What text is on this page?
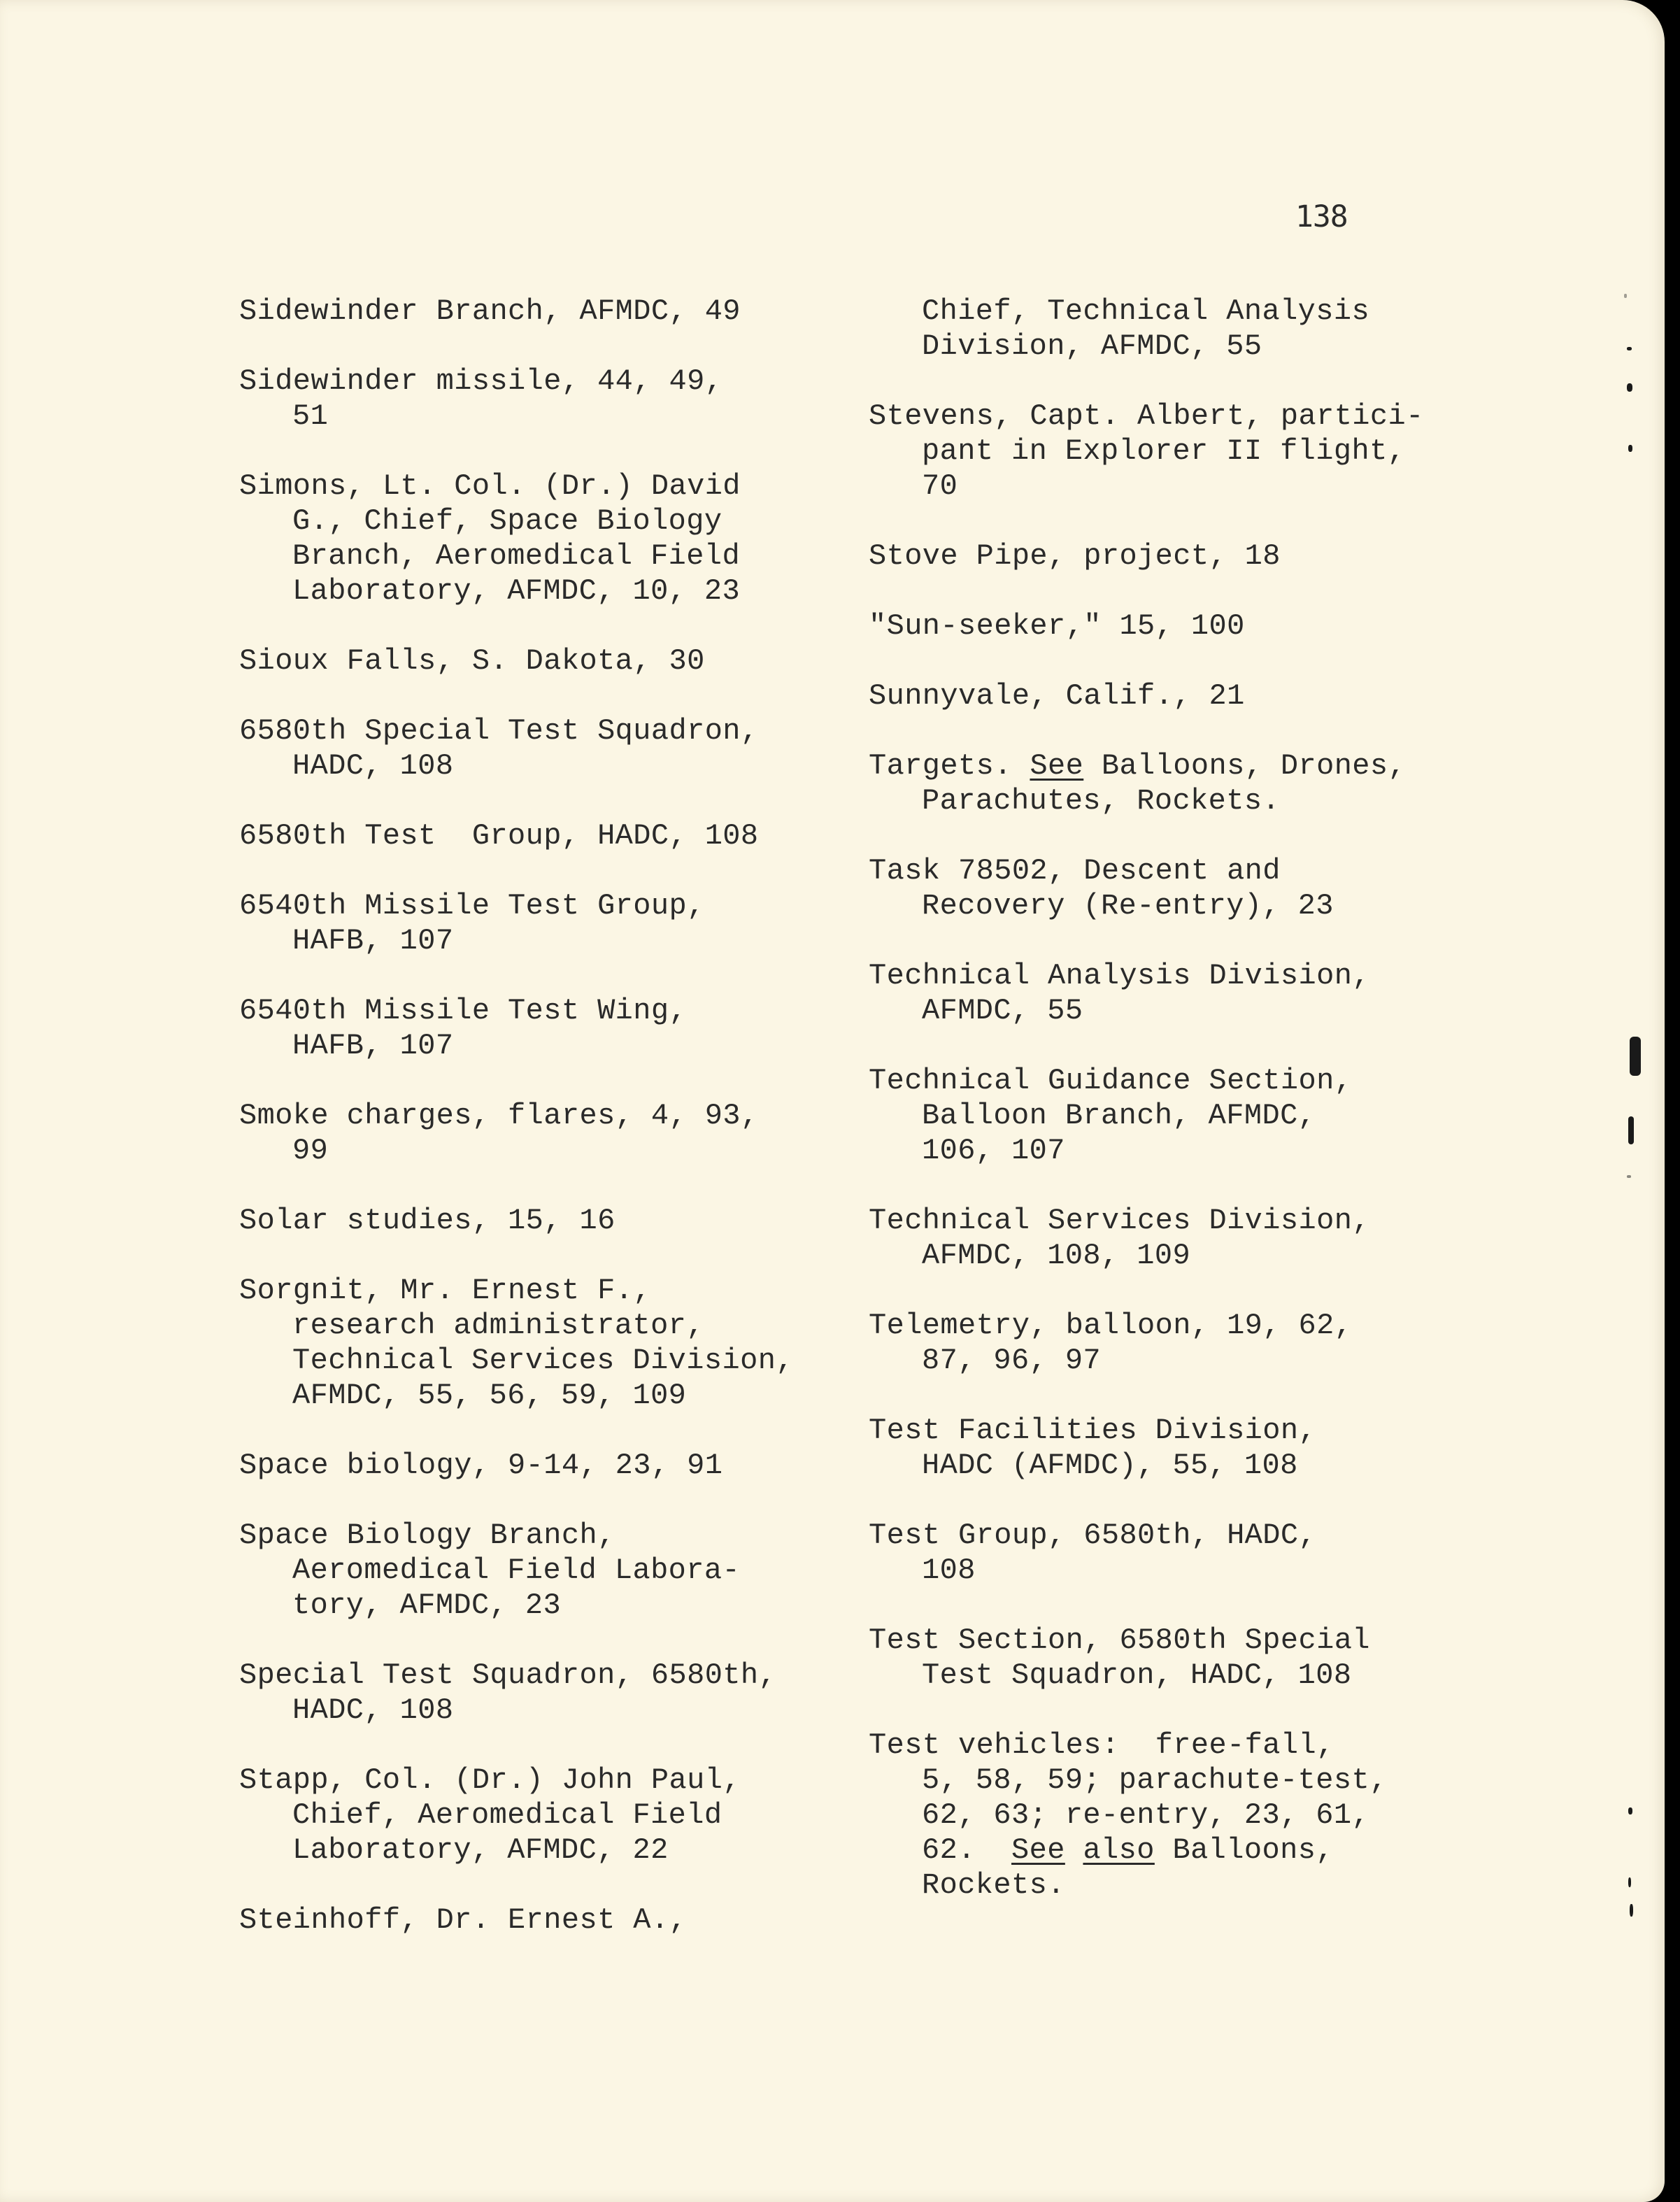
138
Sidewinder Branch, AFMDC, 49
Sidewinder missile, 44, 49,
51
Simons, Lt. Col. (Dr.) David
G., Chief, Space Biology
Branch, Aeromedical Field
Laboratory, AFMDC, 10, 23
Sioux Falls, S. Dakota, 30
6580th Special Test Squadron,
HADC, 108
6580th Test  Group, HADC, 108
6540th Missile Test Group,
HAFB, 107
6540th Missile Test Wing,
HAFB, 107
Smoke charges, flares, 4, 93,
99
Solar studies, 15, 16
Sorgnit, Mr. Ernest F.,
research administrator,
Technical Services Division,
AFMDC, 55, 56, 59, 109
Space biology, 9-14, 23, 91
Space Biology Branch,
Aeromedical Field Labora-
tory, AFMDC, 23
Special Test Squadron, 6580th,
HADC, 108
Stapp, Col. (Dr.) John Paul,
Chief, Aeromedical Field
Laboratory, AFMDC, 22
Steinhoff, Dr. Ernest A.,
Chief, Technical Analysis
Division, AFMDC, 55
Stevens, Capt. Albert, partici-
pant in Explorer II flight,
70
Stove Pipe, project, 18
"Sun-seeker," 15, 100
Sunnyvale, Calif., 21
Targets. See Balloons, Drones,
Parachutes, Rockets.
Task 78502, Descent and
Recovery (Re-entry), 23
Technical Analysis Division,
AFMDC, 55
Technical Guidance Section,
Balloon Branch, AFMDC,
106, 107
Technical Services Division,
AFMDC, 108, 109
Telemetry, balloon, 19, 62,
87, 96, 97
Test Facilities Division,
HADC (AFMDC), 55, 108
Test Group, 6580th, HADC,
108
Test Section, 6580th Special
Test Squadron, HADC, 108
Test vehicles:  free-fall,
5, 58, 59; parachute-test,
62, 63; re-entry, 23, 61,
62.  See also Balloons,
Rockets.
